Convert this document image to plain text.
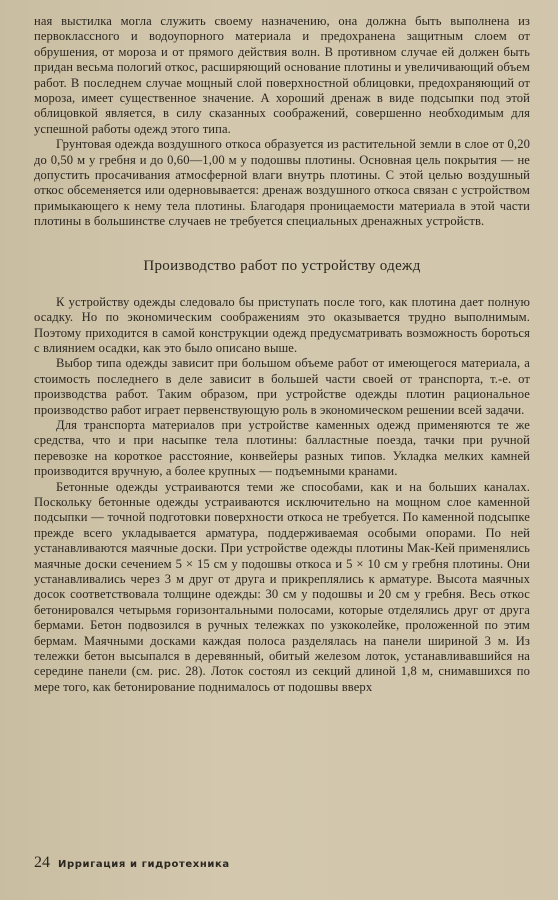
ная выстилка могла служить своему назначению, она должна быть выполнена из первоклассного и водоупорного материала и предохранена защитным слоем от обрушения, от мороза и от прямого действия волн. В противном случае ей должен быть придан весьма пологий откос, расширяющий основание плотины и увеличивающий объем работ. В последнем случае мощный слой поверхностной облицовки, предохраняющий от мороза, имеет существенное значение. А хороший дренаж в виде подсыпки под этой облицовкой является, в силу сказанных соображений, совершенно необходимым для успешной работы одежд этого типа.

Грунтовая одежда воздушного откоса образуется из растительной земли в слое от 0,20 до 0,50 м у гребня и до 0,60—1,00 м у подошвы плотины. Основная цель покрытия — не допустить просачивания атмосферной влаги внутрь плотины. С этой целью воздушный откос обсеменяется или одерновывается: дренаж воздушного откоса связан с устройством примыкающего к нему тела плотины. Благодаря проницаемости материала в этой части плотины в большинстве случаев не требуется специальных дренажных устройств.

Производство работ по устройству одежд

К устройству одежды следовало бы приступать после того, как плотина дает полную осадку. Но по экономическим соображениям это оказывается трудно выполнимым. Поэтому приходится в самой конструкции одежд предусматривать возможность бороться с влиянием осадки, как это было описано выше.

Выбор типа одежды зависит при большом объеме работ от имеющегося материала, а стоимость последнего в деле зависит в большей части своей от транспорта, т.-е. от производства работ. Таким образом, при устройстве одежды плотин рациональное производство работ играет первенствующую роль в экономическом решении всей задачи.

Для транспорта материалов при устройстве каменных одежд применяются те же средства, что и при насыпке тела плотины: балластные поезда, тачки при ручной перевозке на короткое расстояние, конвейеры разных типов. Укладка мелких камней производится вручную, а более крупных — подъемными кранами.

Бетонные одежды устраиваются теми же способами, как и на больших каналах. Поскольку бетонные одежды устраиваются исключительно на мощном слое каменной подсыпки — точной подготовки поверхности откоса не требуется. По каменной подсыпке прежде всего укладывается арматура, поддерживаемая особыми опорами. По ней устанавливаются маячные доски. При устройстве одежды плотины Мак-Кей применялись маячные доски сечением 5 × 15 см у подошвы откоса и 5 × 10 см у гребня плотины. Они устанавливались через 3 м друг от друга и прикреплялись к арматуре. Высота маячных досок соответствовала толщине одежды: 30 см у подошвы и 20 см у гребня. Весь откос бетонировался четырьмя горизонтальными полосами, которые отделялись друг от друга бермами. Бетон подвозился в ручных тележках по узкоколейке, проложенной по этим бермам. Маячными досками каждая полоса разделялась на панели шириной 3 м. Из тележки бетон высыпался в деревянный, обитый железом лоток, устанавливавшийся на середине панели (см. рис. 28). Лоток состоял из секций длиной 1,8 м, снимавшихся по мере того, как бетонирование поднималось от подошвы вверх

24 Ирригация и гидротехника
